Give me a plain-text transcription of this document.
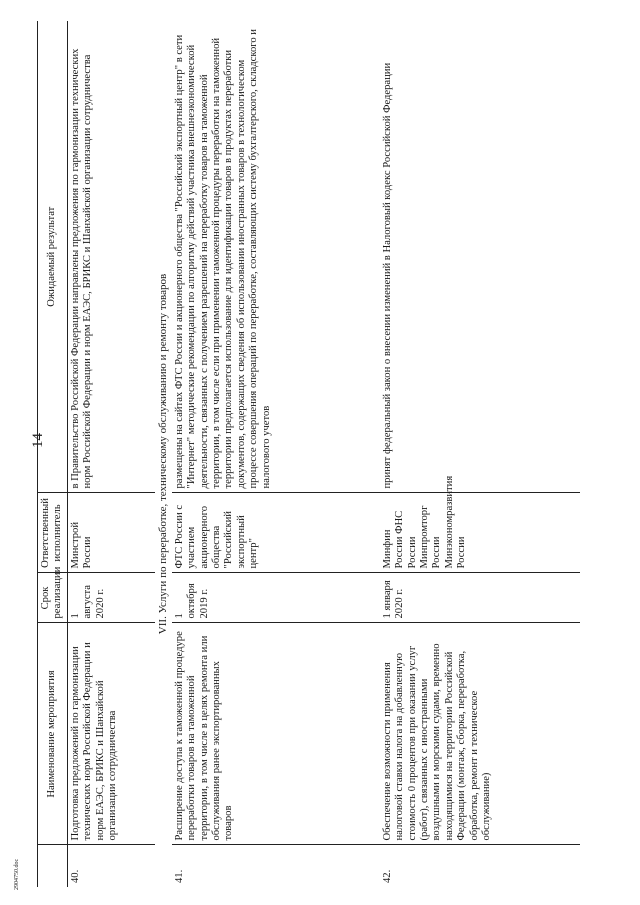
14
2904750.doc
	Наименование мероприятия	Срок реализации	Ответственный исполнитель	Ожидаемый результат
40.	Подготовка предложений по гармонизации технических норм Российской Федерации и норм ЕАЭС, БРИКС и Шанхайской организации сотрудничества	1 августа 2020 г.	Минстрой России	в Правительство Российской Федерации направлены предложения по гармонизации технических норм Российской Федерации и норм ЕАЭС, БРИКС и Шанхайской организации сотрудничества
VII. Услуги по переработке, техническому обслуживанию и ремонту товаров				
41.	Расширение доступа к таможенной процедуре переработки товаров на таможенной территории, в том числе в целях ремонта или обслуживания ранее экспортированных товаров	1 октября 2019 г.	ФТС России с участием акционерного общества "Российский экспортный центр"	размещены на сайтах ФТС России и акционерного общества "Российский экспортный центр" в сети "Интернет" методические рекомендации по алгоритму действий участника внешнеэкономической деятельности, связанных с получением разрешений на переработку товаров на таможенной территории, в том числе если при применении таможенной процедуры переработки на таможенной территории предполагается использование для идентификации товаров в продуктах переработки документов, содержащих сведения об использовании иностранных товаров в технологическом процессе совершения операций по переработке, составляющих систему бухгалтерского, складского и налогового учетов
42.	Обеспечение возможности применения налоговой ставки налога на добавленную стоимость 0 процентов при оказании услуг (работ), связанных с иностранными воздушными и морскими судами, временно находящимися на территории Российской Федерации (монтаж, сборка, переработка, обработка, ремонт и техническое обслуживание)	1 января 2020 г.	Минфин России ФНС России Минпромторг России Минэкономразвития России	принят федеральный закон о внесении изменений в Налоговый кодекс Российской Федерации
